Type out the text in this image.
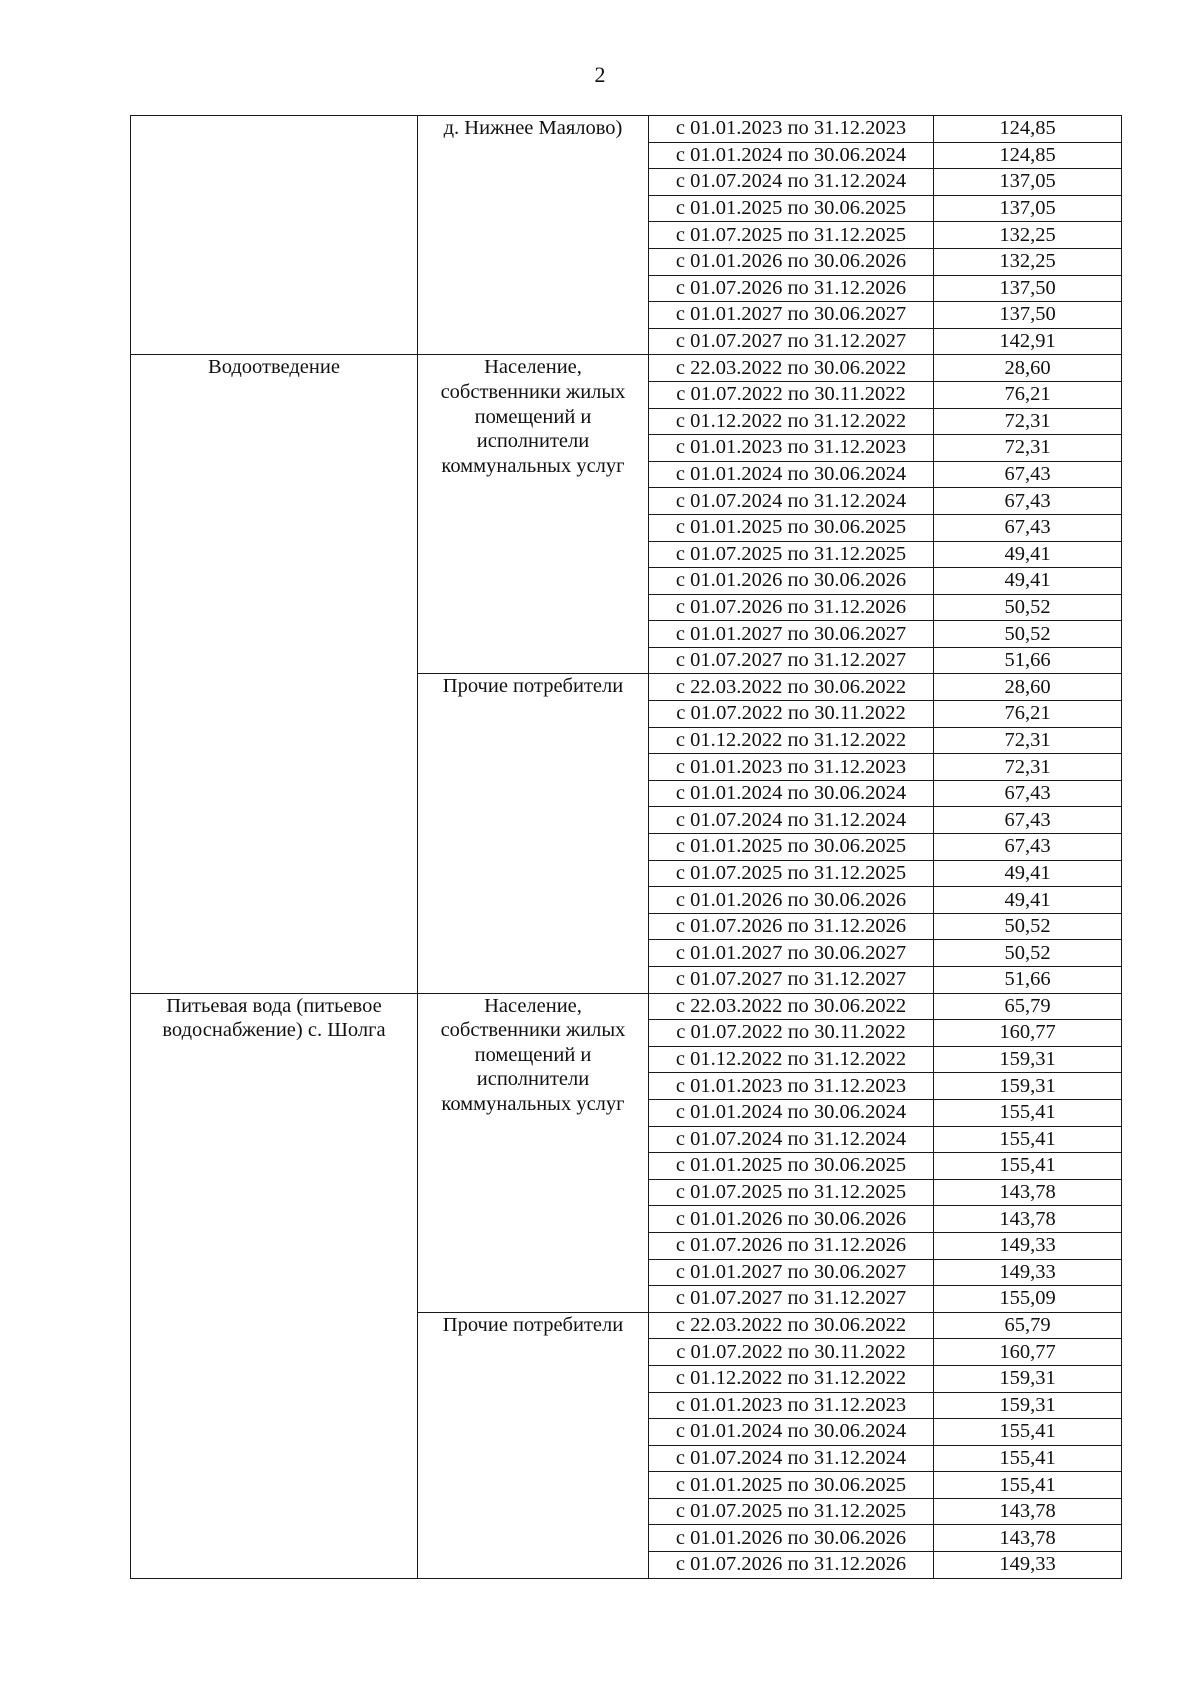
2

	д. Нижнее Маялово)	с 01.01.2023 по 31.12.2023	124,85
		с 01.01.2024 по 30.06.2024	124,85
		с 01.07.2024 по 31.12.2024	137,05
		с 01.01.2025 по 30.06.2025	137,05
		с 01.07.2025 по 31.12.2025	132,25
		с 01.01.2026 по 30.06.2026	132,25
		с 01.07.2026 по 31.12.2026	137,50
		с 01.01.2027 по 30.06.2027	137,50
		с 01.07.2027 по 31.12.2027	142,91

Водоотведение	Население, собственники жилых помещений и исполнители коммунальных услуг	с 22.03.2022 по 30.06.2022	28,60
		с 01.07.2022 по 30.11.2022	76,21
		с 01.12.2022 по 31.12.2022	72,31
		с 01.01.2023 по 31.12.2023	72,31
		с 01.01.2024 по 30.06.2024	67,43
		с 01.07.2024 по 31.12.2024	67,43
		с 01.01.2025 по 30.06.2025	67,43
		с 01.07.2025 по 31.12.2025	49,41
		с 01.01.2026 по 30.06.2026	49,41
		с 01.07.2026 по 31.12.2026	50,52
		с 01.01.2027 по 30.06.2027	50,52
		с 01.07.2027 по 31.12.2027	51,66

	Прочие потребители	с 22.03.2022 по 30.06.2022	28,60
		с 01.07.2022 по 30.11.2022	76,21
		с 01.12.2022 по 31.12.2022	72,31
		с 01.01.2023 по 31.12.2023	72,31
		с 01.01.2024 по 30.06.2024	67,43
		с 01.07.2024 по 31.12.2024	67,43
		с 01.01.2025 по 30.06.2025	67,43
		с 01.07.2025 по 31.12.2025	49,41
		с 01.01.2026 по 30.06.2026	49,41
		с 01.07.2026 по 31.12.2026	50,52
		с 01.01.2027 по 30.06.2027	50,52
		с 01.07.2027 по 31.12.2027	51,66

Питьевая вода (питьевое водоснабжение) с. Шолга	Население, собственники жилых помещений и исполнители коммунальных услуг	с 22.03.2022 по 30.06.2022	65,79
		с 01.07.2022 по 30.11.2022	160,77
		с 01.12.2022 по 31.12.2022	159,31
		с 01.01.2023 по 31.12.2023	159,31
		с 01.01.2024 по 30.06.2024	155,41
		с 01.07.2024 по 31.12.2024	155,41
		с 01.01.2025 по 30.06.2025	155,41
		с 01.07.2025 по 31.12.2025	143,78
		с 01.01.2026 по 30.06.2026	143,78
		с 01.07.2026 по 31.12.2026	149,33
		с 01.01.2027 по 30.06.2027	149,33
		с 01.07.2027 по 31.12.2027	155,09

	Прочие потребители	с 22.03.2022 по 30.06.2022	65,79
		с 01.07.2022 по 30.11.2022	160,77
		с 01.12.2022 по 31.12.2022	159,31
		с 01.01.2023 по 31.12.2023	159,31
		с 01.01.2024 по 30.06.2024	155,41
		с 01.07.2024 по 31.12.2024	155,41
		с 01.01.2025 по 30.06.2025	155,41
		с 01.07.2025 по 31.12.2025	143,78
		с 01.01.2026 по 30.06.2026	143,78
		с 01.07.2026 по 31.12.2026	149,33
